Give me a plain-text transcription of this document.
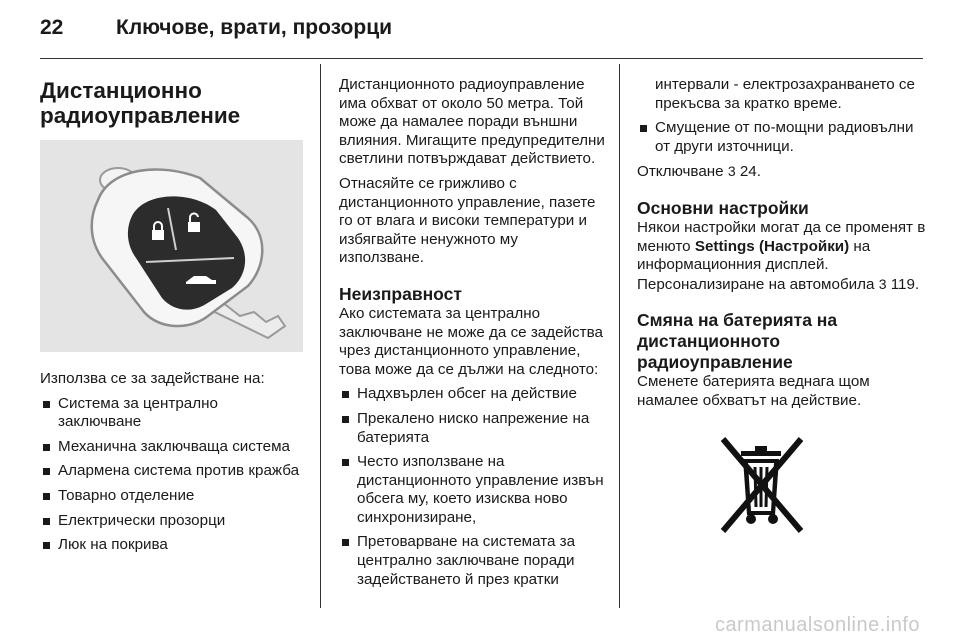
22	Ключове, врати, прозорци
Дистанционно
радиоуправление

Използва се за задействане на:

Система за централно заключване
Механична заключваща система
Алармена система против кражба
Товарно отделение
Електрически прозорци
Люк на покрива

Дистанционното радиоуправление има обхват от около 50 метра. Той може да намалее поради външни влияния. Мигащите предупредителни светлини потвърждават действието.

Отнасяйте се грижливо с дистанционното управление, пазете го от влага и високи температури и избягвайте ненужното му използване.

Неизправност

Ако системата за централно заключване не може да се задейства чрез дистанционното управление, това може да се дължи на следното:

Надхвърлен обсег на действие
Прекалено ниско напрежение на батерията
Често използване на дистанционното управление извън обсега му, което изисква ново синхронизиране,
Претоварване на системата за централно заключване поради задействането й през кратки

интервали - електрозахранването се прекъсва за кратко време.

Смущение от по-мощни радиовълни от други източници.

Отключване 3 24.

Основни настройки

Някои настройки могат да се променят в менюто Settings (Настройки) на информационния дисплей. Персонализиране на автомобила 3 119.

Смяна на батерията на дистанционното радиоуправление

Сменете батерията веднага щом намалее обхватът на действие.

carmanualsonline.info
